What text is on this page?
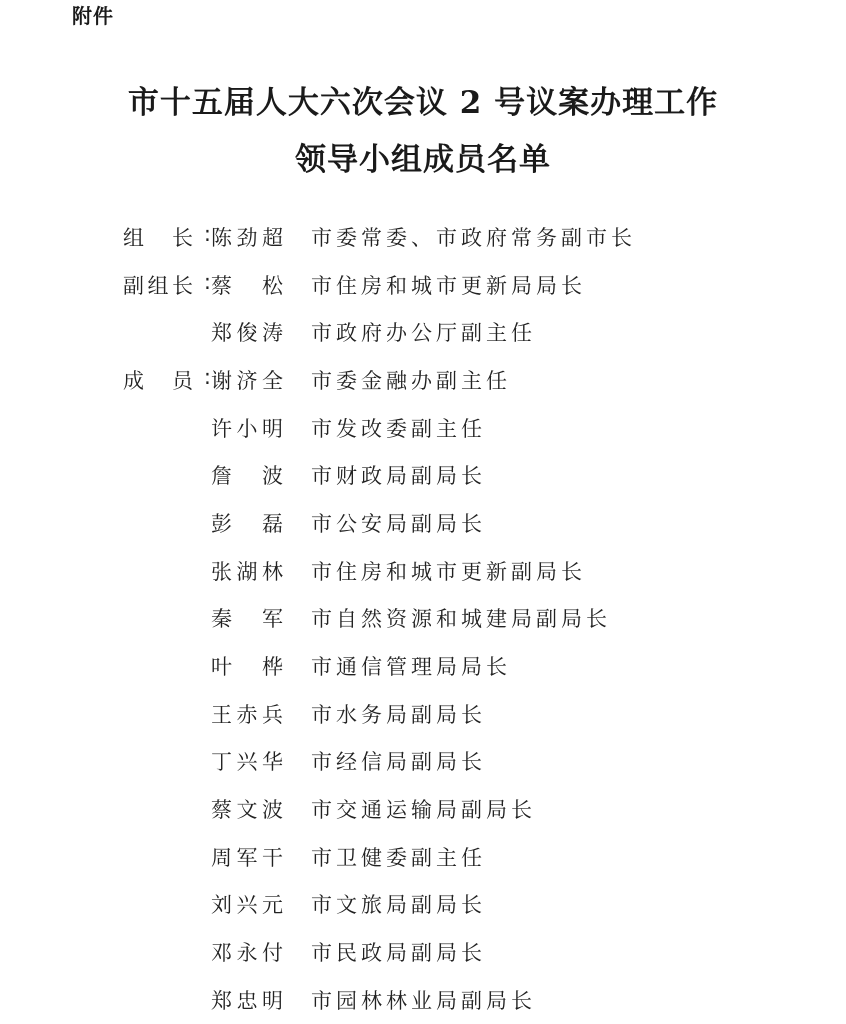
附件
市十五届人大六次会议 2 号议案办理工作
领导小组成员名单
组 长 : 陈 劲 超 市委常委、市政府常务副市长
副 组 长 : 蔡 松 市住房和城市更新局局长
郑 俊 涛 市政府办公厅副主任
成 员 : 谢 济 全 市委金融办副主任
许 小 明 市发改委副主任
詹 波 市财政局副局长
彭 磊 市公安局副局长
张 湖 林 市住房和城市更新副局长
秦 军 市自然资源和城建局副局长
叶 桦 市通信管理局局长
王 赤 兵 市水务局副局长
丁 兴 华 市经信局副局长
蔡 文 波 市交通运输局副局长
周 军 干 市卫健委副主任
刘 兴 元 市文旅局副局长
邓 永 付 市民政局副局长
郑 忠 明 市园林林业局副局长
